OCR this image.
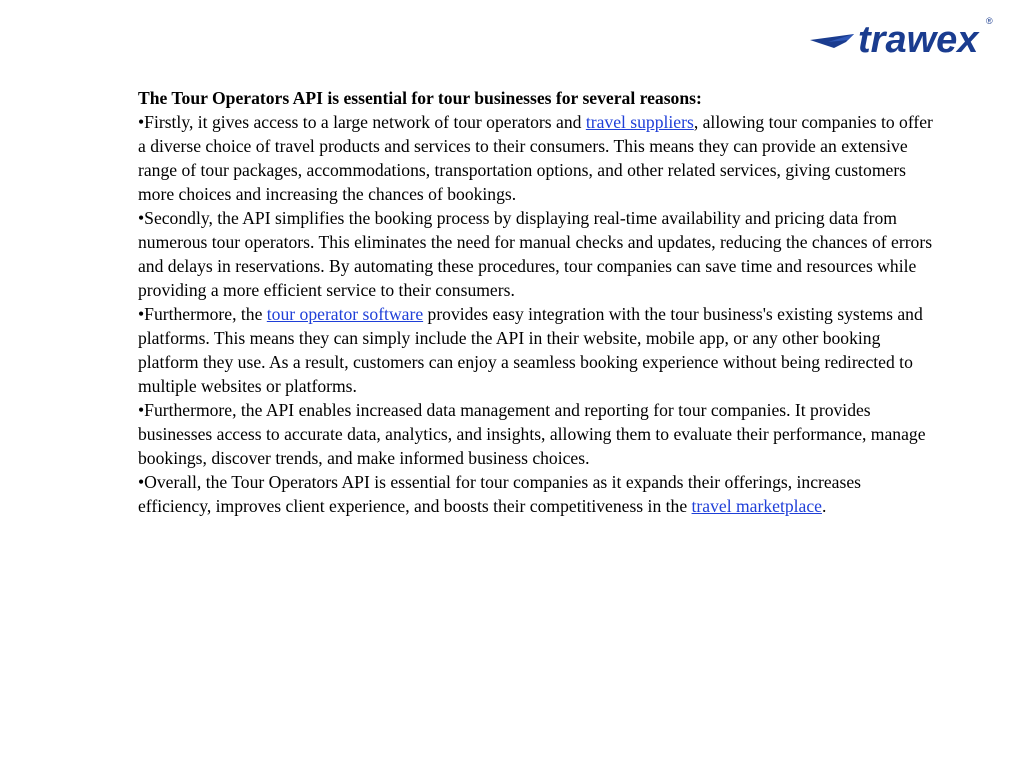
trawex ®

The Tour Operators API is essential for tour businesses for several reasons:

•Firstly, it gives access to a large network of tour operators and travel suppliers, allowing tour companies to offer a diverse choice of travel products and services to their consumers. This means they can provide an extensive range of tour packages, accommodations, transportation options, and other related services, giving customers more choices and increasing the chances of bookings.

•Secondly, the API simplifies the booking process by displaying real-time availability and pricing data from numerous tour operators. This eliminates the need for manual checks and updates, reducing the chances of errors and delays in reservations. By automating these procedures, tour companies can save time and resources while providing a more efficient service to their consumers.

•Furthermore, the tour operator software provides easy integration with the tour business's existing systems and platforms. This means they can simply include the API in their website, mobile app, or any other booking platform they use. As a result, customers can enjoy a seamless booking experience without being redirected to multiple websites or platforms.

•Furthermore, the API enables increased data management and reporting for tour companies. It provides businesses access to accurate data, analytics, and insights, allowing them to evaluate their performance, manage bookings, discover trends, and make informed business choices.

•Overall, the Tour Operators API is essential for tour companies as it expands their offerings, increases efficiency, improves client experience, and boosts their competitiveness in the travel marketplace.
